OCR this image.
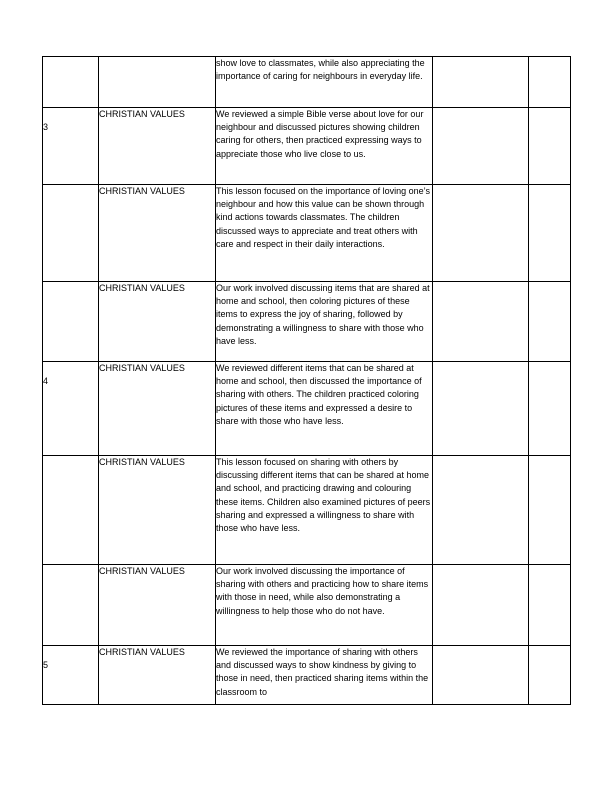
		show love to classmates, while also appreciating the importance of caring for neighbours in everyday life.		

3	CHRISTIAN VALUES	We reviewed a simple Bible verse about love for our neighbour and discussed pictures showing children caring for others, then practiced expressing ways to appreciate those who live close to us.		

	CHRISTIAN VALUES	This lesson focused on the importance of loving one’s neighbour and how this value can be shown through kind actions towards classmates. The children discussed ways to appreciate and treat others with care and respect in their daily interactions.		

	CHRISTIAN VALUES	Our work involved discussing items that are shared at home and school, then coloring pictures of these items to express the joy of sharing, followed by demonstrating a willingness to share with those who have less.		

4	CHRISTIAN VALUES	We reviewed different items that can be shared at home and school, then discussed the importance of sharing with others. The children practiced coloring pictures of these items and expressed a desire to share with those who have less.		

	CHRISTIAN VALUES	This lesson focused on sharing with others by discussing different items that can be shared at home and school, and practicing drawing and colouring these items. Children also examined pictures of peers sharing and expressed a willingness to share with those who have less.		

	CHRISTIAN VALUES	Our work involved discussing the importance of sharing with others and practicing how to share items with those in need, while also demonstrating a willingness to help those who do not have.		

5	CHRISTIAN VALUES	We reviewed the importance of sharing with others and discussed ways to show kindness by giving to those in need, then practiced sharing items within the classroom to		
